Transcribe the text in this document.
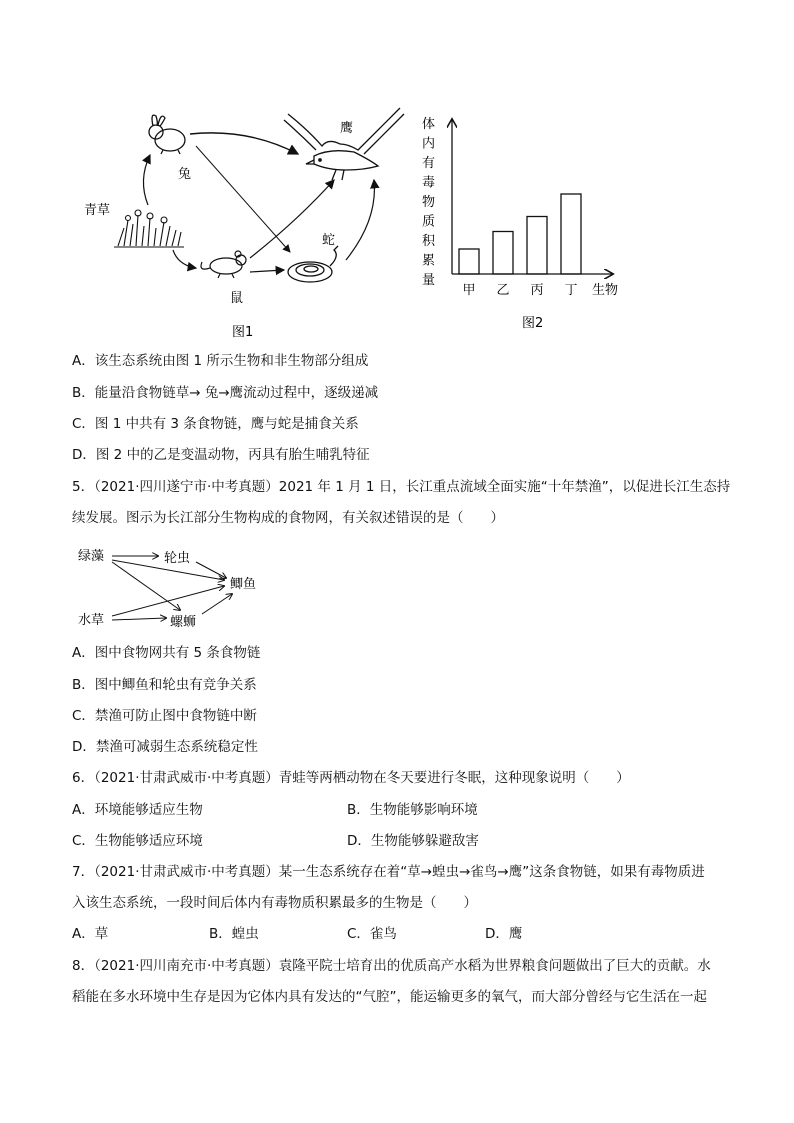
鹰
兔
青草
蛇
鼠
图1
体内有毒物质积累量
甲 乙 丙 丁 生物
图2
A．该生态系统由图 1 所示生物和非生物部分组成
B．能量沿食物链草→ 兔→鹰流动过程中，逐级递减
C．图 1 中共有 3 条食物链，鹰与蛇是捕食关系
D．图 2 中的乙是变温动物，丙具有胎生哺乳特征
5．（2021·四川遂宁市·中考真题）2021 年 1 月 1 日，长江重点流域全面实施“十年禁渔”，以促进长江生态持
续发展。图示为长江部分生物构成的食物网，有关叙述错误的是（　　）
绿藻	轮虫
鲫鱼
水草	螺蛳
A．图中食物网共有 5 条食物链
B．图中鲫鱼和轮虫有竞争关系
C．禁渔可防止图中食物链中断
D．禁渔可减弱生态系统稳定性
6．（2021·甘肃武威市·中考真题）青蛙等两栖动物在冬天要进行冬眠，这种现象说明（　　）
A．环境能够适应生物	B．生物能够影响环境
C．生物能够适应环境	D．生物能够躲避敌害
7．（2021·甘肃武威市·中考真题）某一生态系统存在着“草→蝗虫→雀鸟→鹰”这条食物链，如果有毒物质进
入该生态系统，一段时间后体内有毒物质积累最多的生物是（　　）
A．草	B．蝗虫	C．雀鸟	D．鹰
8．（2021·四川南充市·中考真题）袁隆平院士培育出的优质高产水稻为世界粮食问题做出了巨大的贡献。水
稻能在多水环境中生存是因为它体内具有发达的“气腔”，能运输更多的氧气，而大部分曾经与它生活在一起
